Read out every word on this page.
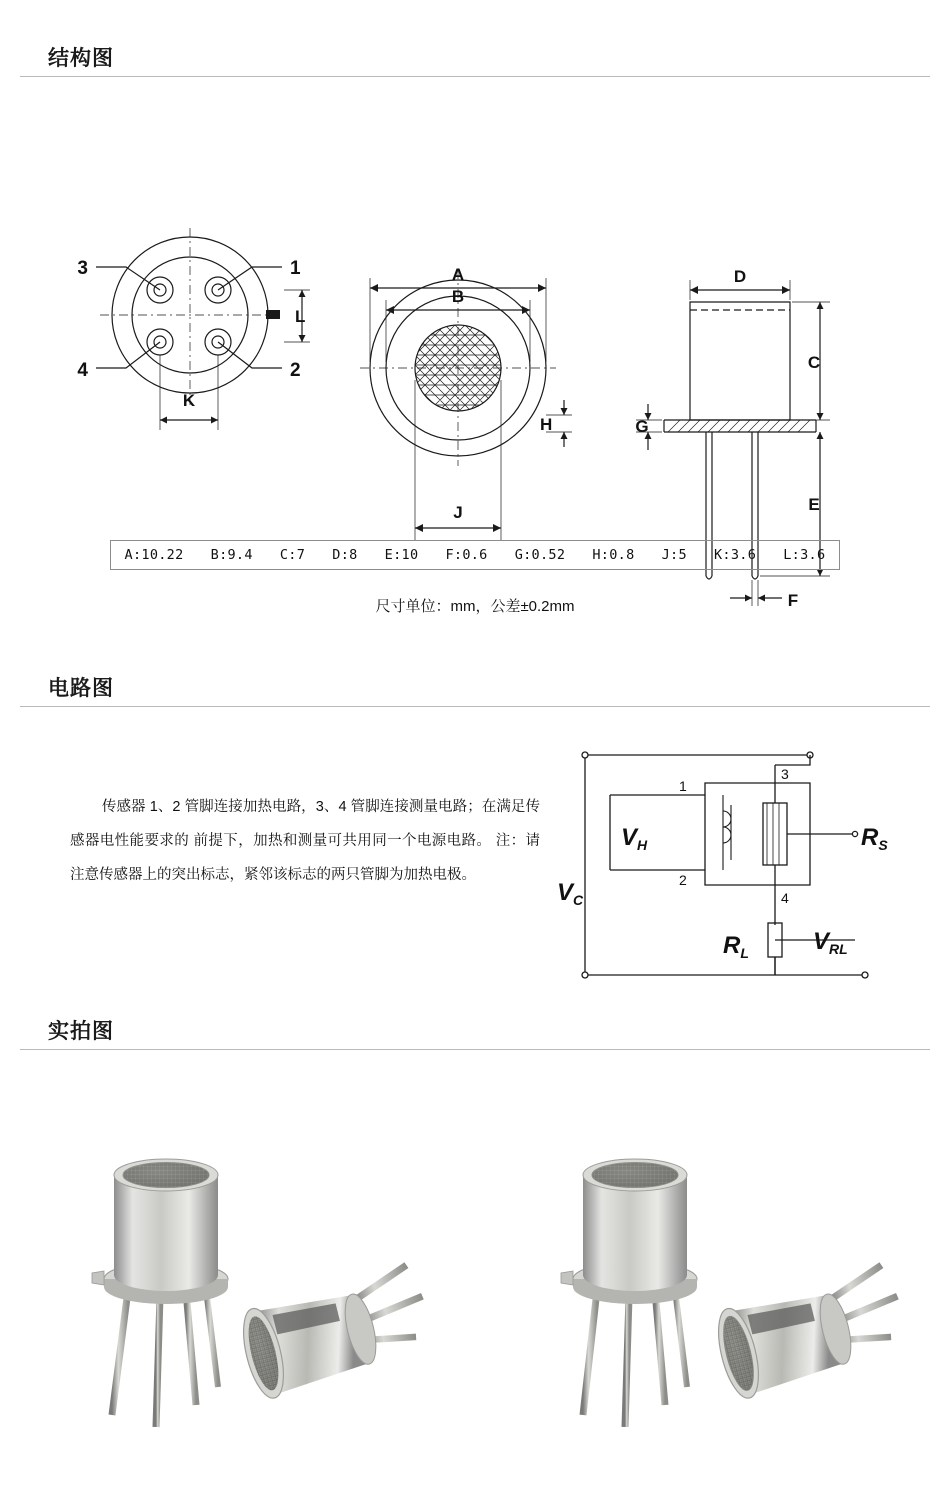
结构图
3	1
4	2
L
K
A
B
H
J
D
C
G
E
F
A:10.22 B:9.4 C:7 D:8 E:10 F:0.6 G:0.52 H:0.8 J:5 K:3.6 L:3.6
尺寸单位：mm，公差±0.2mm
电路图

传感器 1、2 管脚连接加热电路，3、4 管脚连接测量电路；在满足传感器电性能要求的 前提下，加热和测量可共用同一个电源电路。 注：请注意传感器上的突出标志，紧邻该标志的两只管脚为加热电极。

$V_H$
$V_C$
$R_S$
$R_L$	$V_{RL}$
1
2
3
4
实拍图
